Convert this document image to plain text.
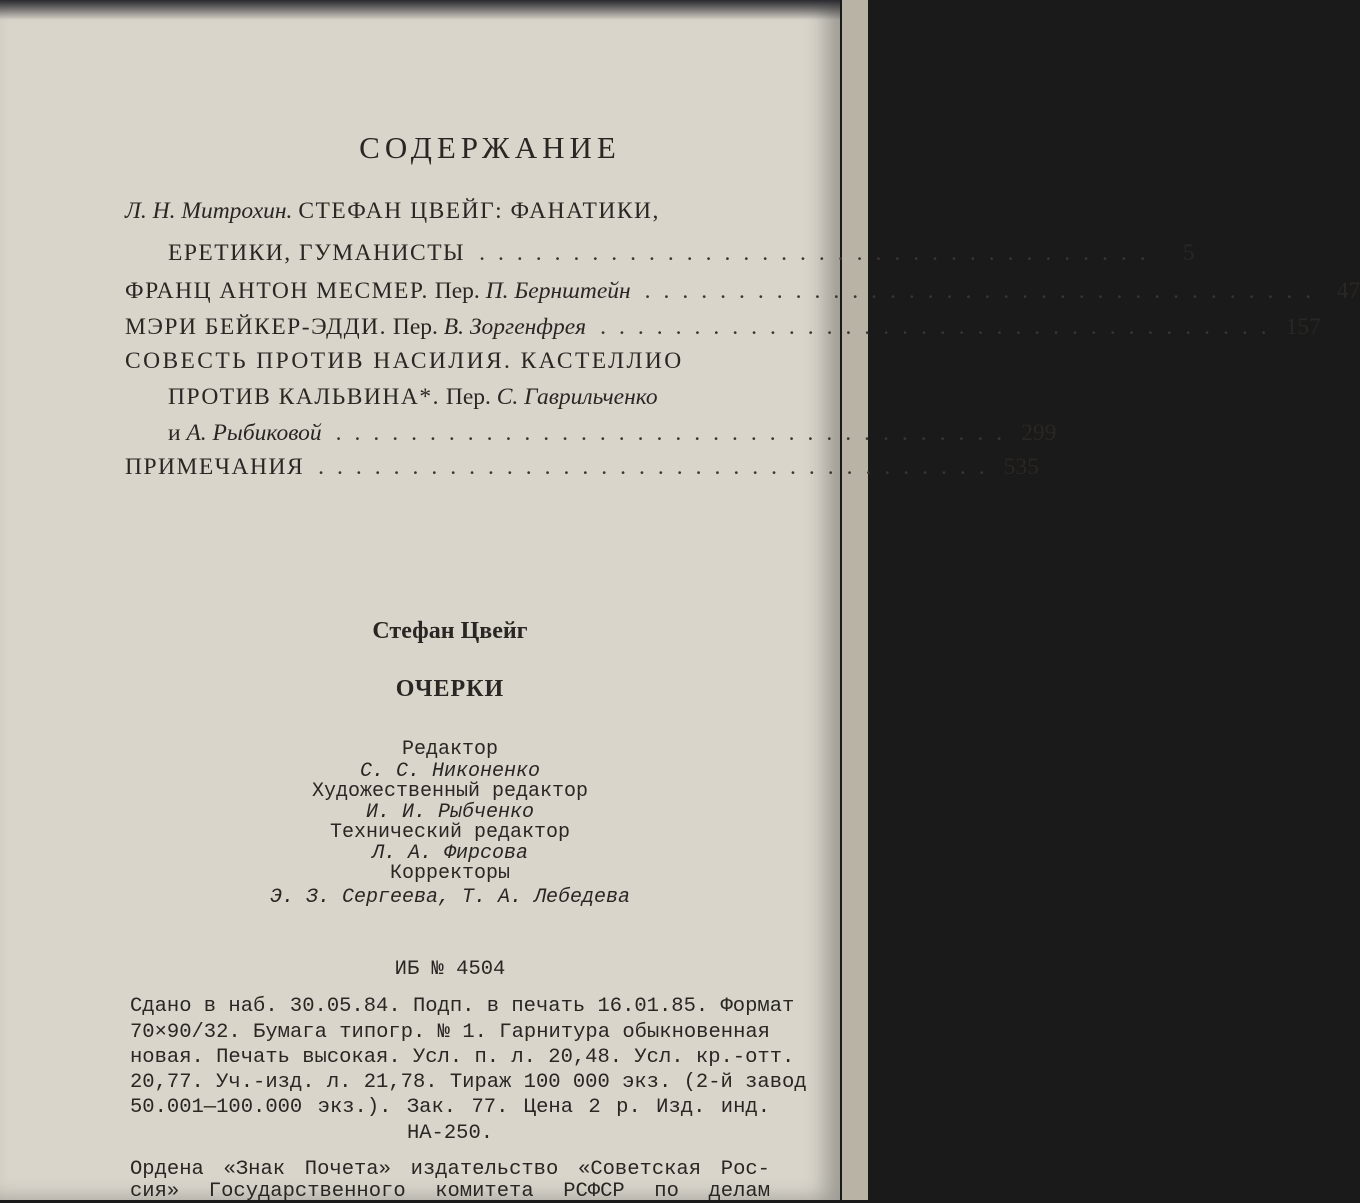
СОДЕРЖАНИЕ
Л. Н. Митрохин. СТЕФАН ЦВЕЙГ: ФАНАТИКИ,
ЕРЕТИКИ, ГУМАНИСТЫ ....................................	5
ФРАНЦ АНТОН МЕСМЕР. Пер. П. Бернштейн .................................... 47
МЭРИ БЕЙКЕР-ЭДДИ. Пер. В. Зоргенфрея .................................... 157
СОВЕСТЬ ПРОТИВ НАСИЛИЯ. КАСТЕЛЛИО
ПРОТИВ КАЛЬВИНА*. Пер. С. Гаврильченко
и А. Рыбиковой .................................... 299
ПРИМЕЧАНИЯ .................................... 535

Стефан Цвейг

ОЧЕРКИ

Редактор
С. С. Никоненко
Художественный редактор
И. И. Рыбченко
Технический редактор
Л. А. Фирсова
Корректоры
Э. З. Сергеева, Т. А. Лебедева
ИБ № 4504
Сдано в наб. 30.05.84. Подп. в печать 16.01.85. Формат
70×90/32. Бумага типогр. № 1. Гарнитура обыкновенная
новая. Печать высокая. Усл. п. л. 20,48. Усл. кр.-отт.
20,77. Уч.-изд. л. 21,78. Тираж 100 000 экз. (2-й завод
50.001—100.000 экз.). Зак. 77. Цена 2 р. Изд. инд.
НА-250.
Ордена «Знак Почета» издательство «Советская Рос-
сия» Государственного комитета РСФСР по делам
